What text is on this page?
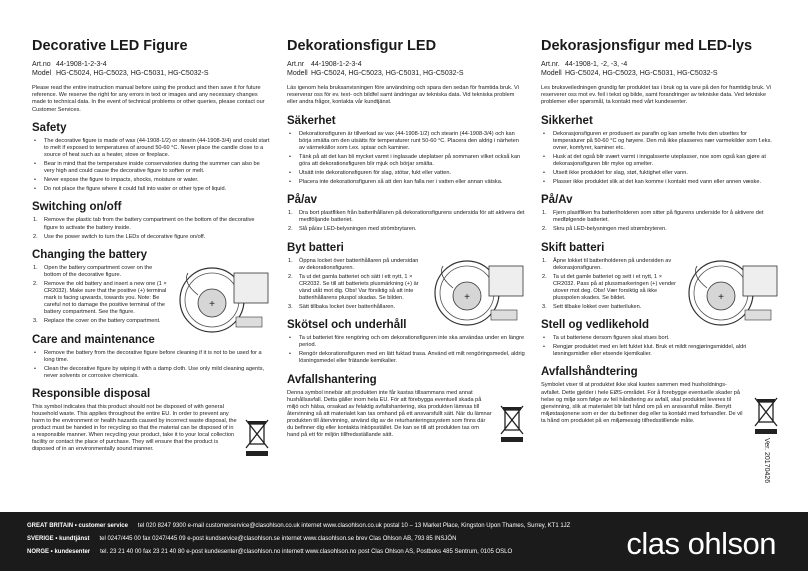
Decorative LED Figure
Art.no 44-1908-1-2-3-4
Model HG-C5024, HG-C5023, HG-C5031, HG-C5032-S

Please read the entire instruction manual before using the product and then save it for future reference. We reserve the right for any errors in text or images and any necessary changes made to technical data. In the event of technical problems or other queries, please contact our Customer Services.

Safety
• The decorative figure is made of wax (44-1908-1/2) or stearin (44-1908-3/4) and could start to melt if exposed to temperatures of around 50-60 °C. Never place the candle close to a source of heat such as a heater, stove or fireplace.
• Bear in mind that the temperature inside conservatories during the summer can also be very high and could cause the decorative figure to soften or melt.
• Never expose the figure to impacts, shocks, moisture or water.
• Do not place the figure where it could fall into water or other type of liquid.
Switching on/off
1. Remove the plastic tab from the battery compartment on the bottom of the decorative figure to activate the battery inside.
2. Use the power switch to turn the LEDs of decorative figure on/off.
Changing the battery
1. Open the battery compartment cover on the bottom of the decorative figure.
2. Remove the old battery and insert a new one (1 × CR2032). Make sure that the positive (+) terminal mark is facing upwards, towards you. Note: Be careful not to damage the positive terminal of the battery compartment. See the figure.
3. Replace the cover on the battery compartment.
+
Care and maintenance
• Remove the battery from the decorative figure before cleaning if it is not to be used for a long time.
• Clean the decorative figure by wiping it with a damp cloth. Use only mild cleaning agents, never solvents or corrosive chemicals.
Responsible disposal

This symbol indicates that this product should not be disposed of with general household waste. This applies throughout the entire EU. In order to prevent any harm to the environment or health hazards caused by incorrect waste disposal, the product must be handed in for recycling so that the material can be disposed of in a responsible manner. When recycling your product, take it to your local collection facility or contact the place of purchase. They will ensure that the product is disposed of in an environmentally sound manner.

Dekorationsfigur LED
Art.nr 44-1908-1-2-3-4
Modell HG-C5024, HG-C5023, HG-C5031, HG-C5032-S

Läs igenom hela bruksanvisningen före användning och spara den sedan för framtida bruk. Vi reserverar oss för ev. text- och bildfel samt ändringar av tekniska data. Vid tekniska problem eller andra frågor, kontakta vår kundtjänst.

Säkerhet
• Dekorationsfiguren är tillverkad av vax (44-1908-1/2) och stearin (44-1908-3/4) och kan börja smälta om den utsätts för temperaturer runt 50-60 °C. Placera den aldrig i närheten av värmekällor som t.ex. spisar och kaminer.
• Tänk på att det kan bli mycket varmt i inglasade uteplatser på sommaren vilket också kan göra att dekorationsfiguren blir mjuk och börjar smälta.
• Utsätt inte dekorationsfiguren för slag, stötar, fukt eller vatten.
• Placera inte dekorationsfiguren så att den kan falla ner i vatten eller annan vätska.
På/av
1. Dra bort plastfliken från batterihållaren på dekorationsfigurens undersida för att aktivera det medföljande batteriet.
2. Slå på/av LED-belysningen med strömbrytaren.
Byt batteri
1. Öppna locket över batterihållaren på undersidan av dekorationsfiguren.
2. Ta ut det gamla batteriet och sätt i ett nytt, 1 × CR2032. Se till att batteriets plusmärkning (+) är vänd utåt mot dig. Obs! Var försiktig så att inte batterihållarens pluspol skadas. Se bilden.
3. Sätt tillbaka locket över batterihållaren.
+
Skötsel och underhåll
• Ta ut batteriet före rengöring och om dekorationsfiguren inte ska användas under en längre period.
• Rengör dekorationsfiguren med en lätt fuktad trasa. Använd ett milt rengöringsmedel, aldrig lösningsmedel eller frätande kemikalier.
Avfallshantering

Denna symbol innebär att produkten inte får kastas tillsammans med annat hushållsavfall. Detta gäller inom hela EU. För att förebygga eventuell skada på miljö och hälsa, orsakad av felaktig avfallshantering, ska produkten lämnas till återvinning så att materialet kan tas omhand på ett ansvarsfullt sätt. När du lämnar produkten till återvinning, använd dig av de returhanteringssystem som finns där du befinner dig eller kontakta inköpsstället. De kan se till att produkten tas om hand på ett för miljön tillfredsställande sätt.

Dekorasjonsfigur med LED-lys
Art.nr. 44-1908-1, -2, -3, -4
Modell HG-C5024, HG-C5023, HG-C5031, HG-C5032-S

Les bruksveiledningen grundig før produktet tas i bruk og ta vare på den for framtidig bruk. Vi reserverer oss mot ev. feil i tekst og bilde, samt forandringer av tekniske data. Ved tekniske problemer eller spørsmål, ta kontakt med vårt kundesenter.

Sikkerhet
• Dekorasjonsfiguren er produsert av parafin og kan smelte hvis den utsettes for temperaturer på 50-60 °C og høyere. Den må ikke plasseres nær varmekilder som f.eks. ovner, komfyrer, kaminer etc.
• Husk at det også blir svært varmt i inngalsserte uteplasser, noe som også kan gjøre at dekorasjonsfiguren blir myke og smelter.
• Utsett ikke produktet for slag, støt, fuktighet eller vann.
• Plasser ikke produktet slik at det kan komme i kontakt med vann eller annen væske.
På/Av
1. Fjern plastfliken fra batteriholderen som sitter på figurens underside for å aktivere det medfølgende batteriet.
2. Skru på LED-belysningen med strømbryteren.
Skift batteri
1. Åpne lokket til batteriholderen på undersiden av dekorasjonsfiguren.
2. Ta ut det gamle batteriet og sett i et nytt, 1 × CR2032. Pass på at plussmarkeringen (+) vender utover mot deg. Obs! Vær forsiktig så ikke plusspolen skades. Se bildet.
3. Sett tilbake lokket over batteriluken.
+
Stell og vedlikehold
• Ta ut batteriene dersom figuren skal stues bort.
• Rengjør produktet med en lett fuktet klut. Bruk et mildt rengjøringsmiddel, aldri løsningsmidler eller etsende kjemikalier.
Avfallshåndtering

Symbolet viser til at produktet ikke skal kastes sammen med husholdnings-avfallet. Dette gjelder i hele EØS-området. For å forebygge eventuelle skader på helse og miljø som følge av feil håndtering av avfall, skal produktet leveres til gjenvinning, slik at materialet blir tatt hånd om på en ansvarsfull måte. Benytt miljøstasjonene som er der du befinner deg eller ta kontakt med forhandler. De vil ta hånd om produktet på en miljømessig tilfredsstillende måte.

Ver. 20170426
GREAT BRITAIN • customer service tel 020 8247 9300 e-mail customerservice@clasohlson.co.uk internet www.clasohlson.co.uk postal 10 – 13 Market Place, Kingston Upon Thames, Surrey, KT1 1JZ
SVERIGE • kundtjänst tel 0247/445 00 fax 0247/445 09 e-post kundservice@clasohlson.se internet www.clasohlson.se brev Clas Ohlson AB, 793 85 INSJÖN
NORGE • kundesenter tel. 23 21 40 00 fax 23 21 40 80 e-post kundesenter@clasohlson.no internett www.clasohlson.no post Clas Ohlson AS, Postboks 485 Sentrum, 0105 OSLO	clas ohlson
